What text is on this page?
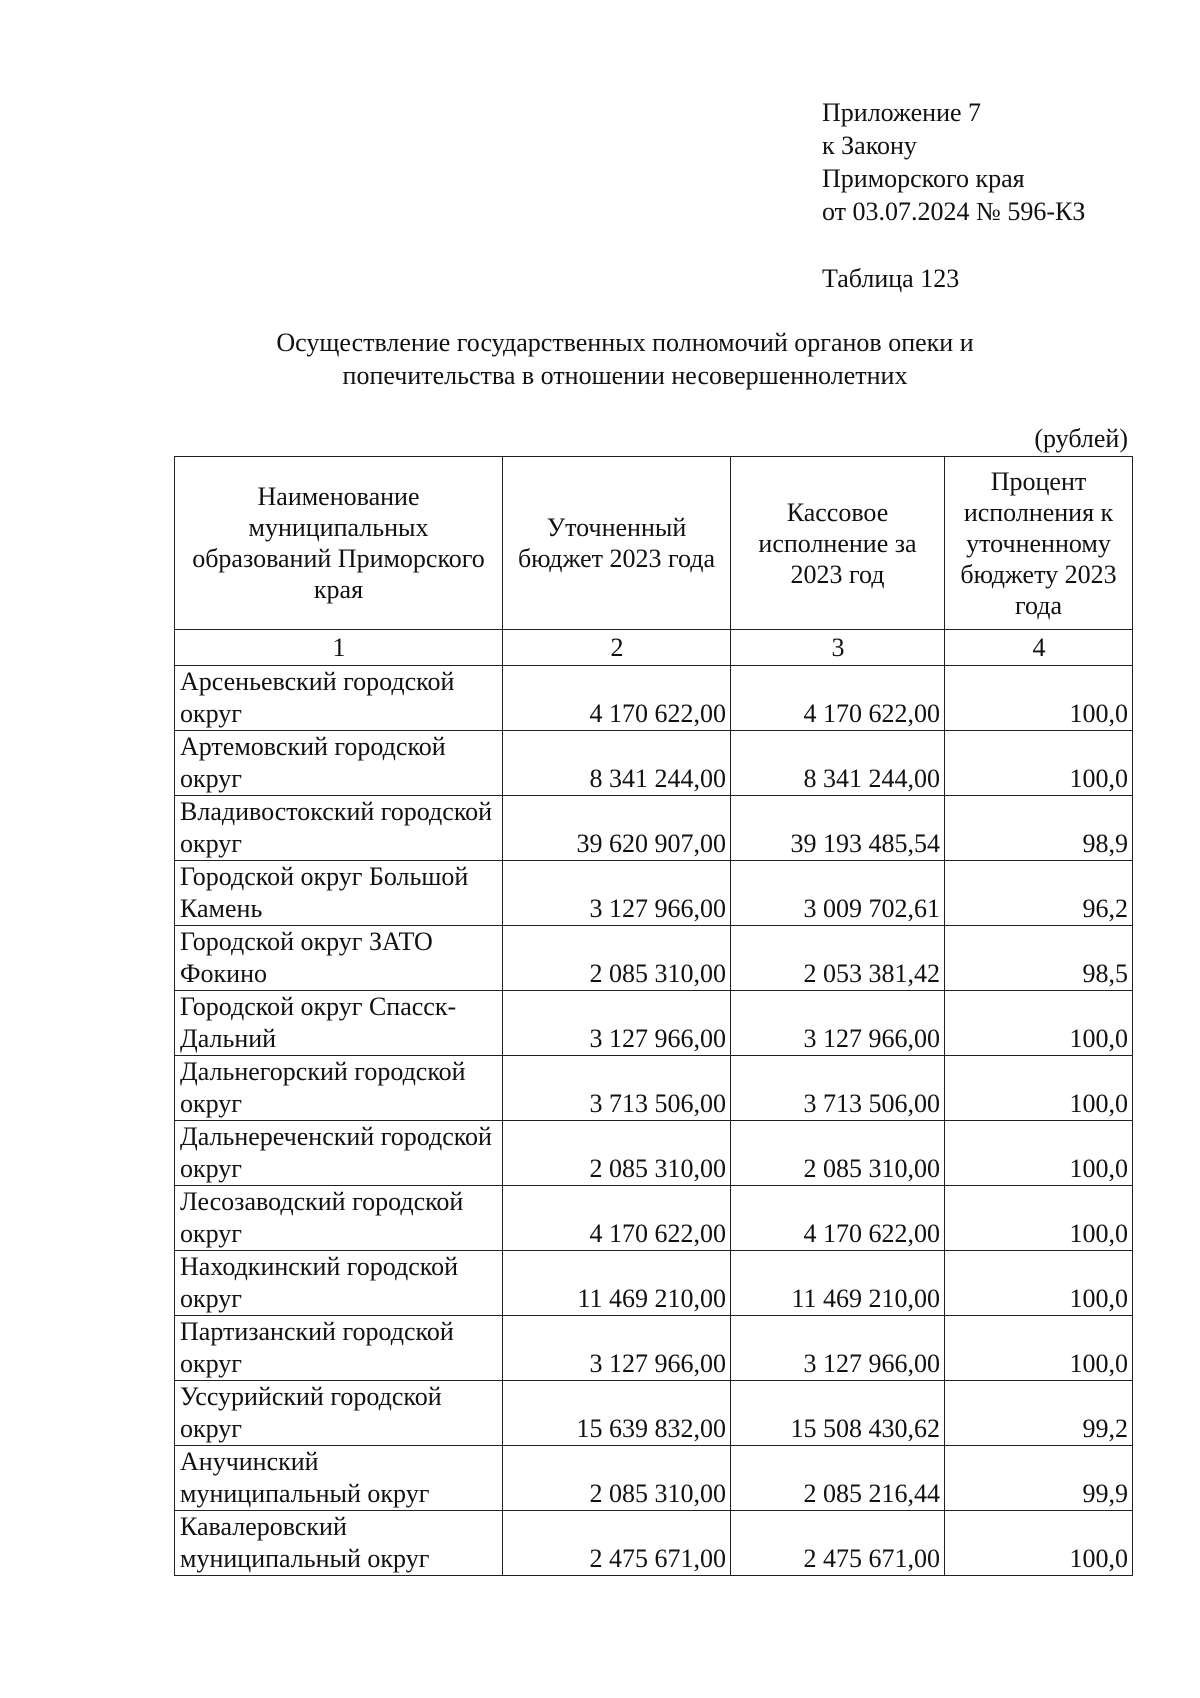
Приложение 7
к Закону
Приморского края
от 03.07.2024 № 596-КЗ
Таблица 123
Осуществление государственных полномочий органов опеки и
попечительства в отношении несовершеннолетних
(рублей)
Наименование муниципальных образований Приморского края	Уточненный бюджет 2023 года	Кассовое исполнение за 2023 год	Процент исполнения к уточненному бюджету 2023 года
1	2	3	4
Арсеньевский городской округ	4 170 622,00	4 170 622,00	100,0
Артемовский городской округ	8 341 244,00	8 341 244,00	100,0
Владивостокский городской округ	39 620 907,00	39 193 485,54	98,9
Городской округ Большой Камень	3 127 966,00	3 009 702,61	96,2
Городской округ ЗАТО Фокино	2 085 310,00	2 053 381,42	98,5
Городской округ Спасск-Дальний	3 127 966,00	3 127 966,00	100,0
Дальнегорский городской округ	3 713 506,00	3 713 506,00	100,0
Дальнереченский городской округ	2 085 310,00	2 085 310,00	100,0
Лесозаводский городской округ	4 170 622,00	4 170 622,00	100,0
Находкинский городской округ	11 469 210,00	11 469 210,00	100,0
Партизанский городской округ	3 127 966,00	3 127 966,00	100,0
Уссурийский городской округ	15 639 832,00	15 508 430,62	99,2
Анучинский муниципальный округ	2 085 310,00	2 085 216,44	99,9
Кавалеровский муниципальный округ	2 475 671,00	2 475 671,00	100,0
